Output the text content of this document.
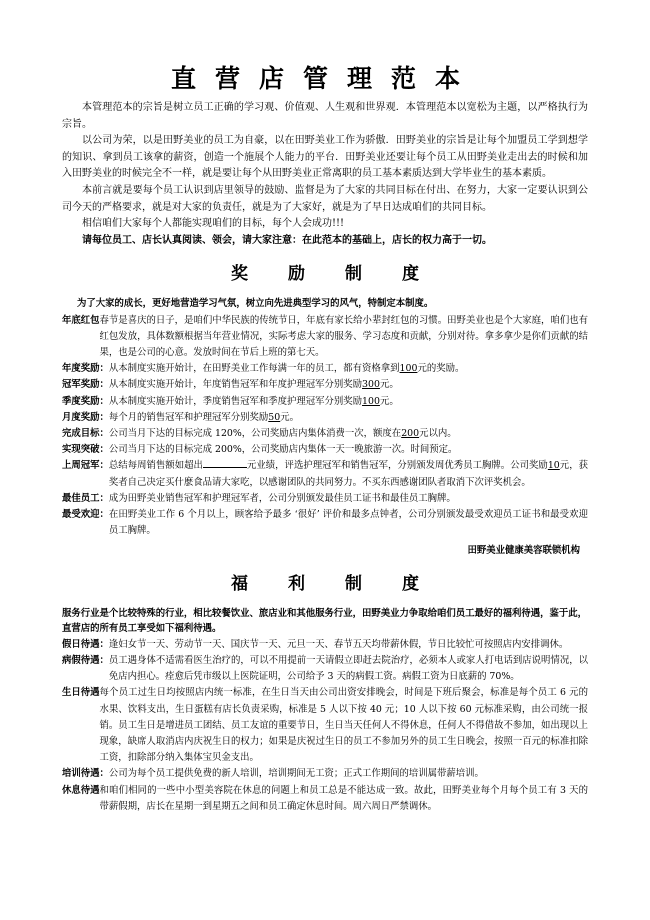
直营店管理范本

本管理范本的宗旨是树立员工正确的学习观、价值观、人生观和世界观．本管理范本以宽松为主题，以严格执行为宗旨。

以公司为荣，以是田野美业的员工为自豪，以在田野美业工作为骄傲．田野美业的宗旨是让每个加盟员工学到想学的知识、拿到员工该拿的薪资，创造一个施展个人能力的平台．田野美业还要让每个员工从田野美业走出去的时候和加入田野美业的时候完全不一样，就是要让每个从田野美业正常离职的员工基本素质达到大学毕业生的基本素质。

本前言就是要每个员工认识到店里领导的鼓励、监督是为了大家的共同目标在付出、在努力，大家一定要认识到公司今天的严格要求，就是对大家的负责任，就是为了大家好，就是为了早日达成咱们的共同目标。

相信咱们大家每个人都能实现咱们的目标，每个人会成功!!!

请每位员工、店长认真阅读、领会，请大家注意：在此范本的基础上，店长的权力高于一切。

奖励制度

为了大家的成长，更好地营造学习气氛，树立向先进典型学习的风气，特制定本制度。

年底红包 春节是喜庆的日子，是咱们中华民族的传统节日，年底有家长给小辈封红包的习惯。田野美业也是个大家庭，咱们也有红包发放，具体数额根据当年营业情况，实际考虑大家的服务、学习态度和贡献，分别对待。拿多拿少是你们贡献的结果，也是公司的心意。发放时间在节后上班的第七天。
年度奖励： 从本制度实施开始计，在田野美业工作每满一年的员工，都有资格拿到100元的奖励。
冠军奖励： 从本制度实施开始计，年度销售冠军和年度护理冠军分别奖励300元。
季度奖励： 从本制度实施开始计，季度销售冠军和季度护理冠军分别奖励100元。
月度奖励： 每个月的销售冠军和护理冠军分别奖励50元。
完成目标： 公司当月下达的目标完成 120%，公司奖励店内集体消费一次，额度在200元以内。
实现突破： 公司当月下达的目标完成 200%，公司奖励店内集体一天一晚旅游一次。时间预定。
上周冠军： 总结每周销售额如超出	元业绩，评选护理冠军和销售冠军，分别颁发周优秀员工胸牌。公司奖励10元，获奖者自己决定买什麽食品请大家吃，以感谢团队的共同努力。不买东西感谢团队者取消下次评奖机会。
最佳员工： 成为田野美业销售冠军和护理冠军者，公司分别颁发最佳员工证书和最佳员工胸牌。
最受欢迎： 在田野美业工作 6 个月以上，顾客给予最多 ‘很好’ 评价和最多点钟者，公司分别颁发最受欢迎员工证书和最受欢迎员工胸牌。
田野美业健康美容联锁机构
福利制度

服务行业是个比较特殊的行业，相比较餐饮业、旅店业和其他服务行业，田野美业力争取给咱们员工最好的福利待遇，鉴于此，直营店的所有员工享受如下福利待遇。

假日待遇： 逢妇女节一天、劳动节一天、国庆节一天、元旦一天、春节五天均带薪休假，节日比较忙可按照店内安排调休。
病假待遇： 员工遇身体不适需看医生治疗的，可以不用提前一天请假立即赶去院治疗，必须本人或家人打电话到店说明情况，以免店内担心。痊愈后凭市级以上医院证明，公司给予 3 天的病假工资。病假工资为日底薪的 70%。
生日待遇 每个员工过生日均按照店内统一标准，在生日当天由公司出资安排晚会，时间是下班后聚会，标准是每个员工 6 元的水果、饮料支出，生日蛋糕有店长负责采购，标准是 5 人以下按 40 元；10 人以下按 60 元标准采购，由公司统一报销。员工生日是增进员工团结、员工友谊的重要节日，生日当天任何人不得休息，任何人不得借故不参加，如出现以上现象，缺席人取消店内庆祝生日的权力；如果是庆祝过生日的员工不参加另外的员工生日晚会，按照一百元的标准扣除工资，扣除部分纳入集体宝贝金支出。
培训待遇： 公司为每个员工提供免费的新人培训，培训期间无工资；正式工作期间的培训属带薪培训。
休息待遇 和咱们相同的一些中小型美容院在休息的问题上和员工总是不能达成一致。故此，田野美业每个月每个员工有 3 天的带薪假期，店长在星期一到星期五之间和员工确定休息时间。周六周日严禁调休。
